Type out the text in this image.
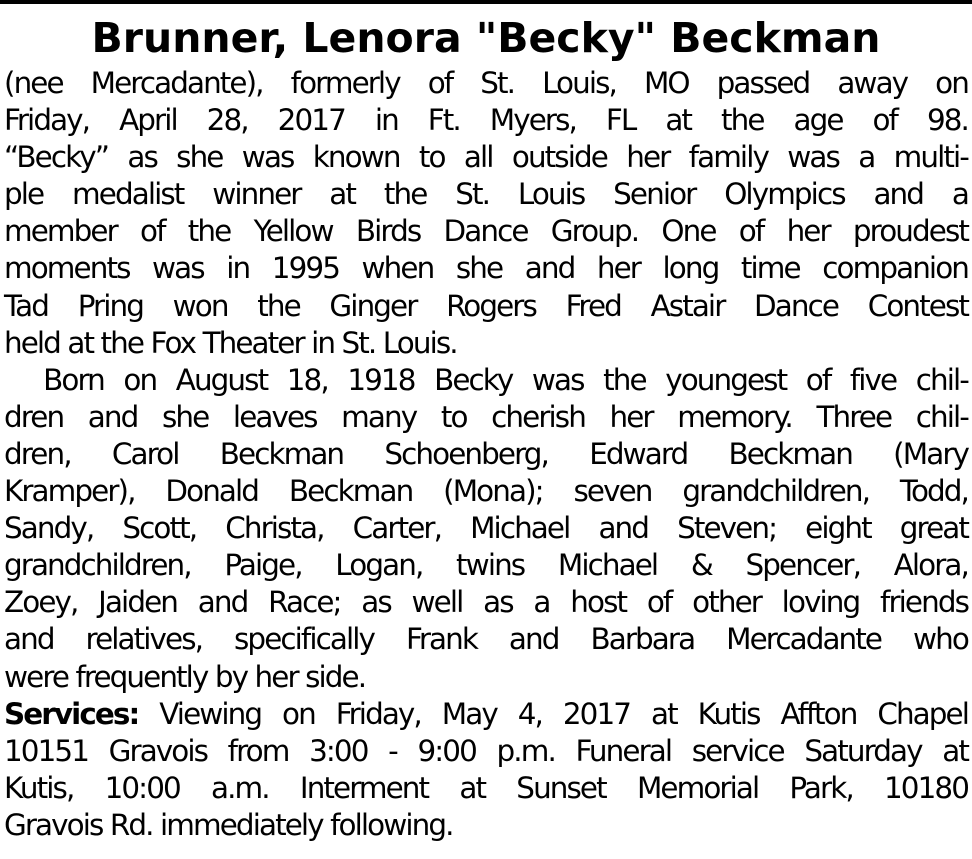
Brunner, Lenora "Becky" Beckman
(nee Mercadante), formerly of St. Louis, MO passed away on
Friday, April 28, 2017 in Ft. Myers, FL at the age of 98.
“Becky” as she was known to all outside her family was a multi-
ple medalist winner at the St. Louis Senior Olympics and a
member of the Yellow Birds Dance Group. One of her proudest
moments was in 1995 when she and her long time companion
Tad Pring won the Ginger Rogers Fred Astair Dance Contest
held at the Fox Theater in St. Louis.
Born on August 18, 1918 Becky was the youngest of five chil-
dren and she leaves many to cherish her memory. Three chil-
dren, Carol Beckman Schoenberg, Edward Beckman (Mary
Kramper), Donald Beckman (Mona); seven grandchildren, Todd,
Sandy, Scott, Christa, Carter, Michael and Steven; eight great
grandchildren, Paige, Logan, twins Michael & Spencer, Alora,
Zoey, Jaiden and Race; as well as a host of other loving friends
and relatives, specifically Frank and Barbara Mercadante who
were frequently by her side.
Services: Viewing on Friday, May 4, 2017 at Kutis Affton Chapel
10151 Gravois from 3:00 - 9:00 p.m. Funeral service Saturday at
Kutis, 10:00 a.m. Interment at Sunset Memorial Park, 10180
Gravois Rd. immediately following.
